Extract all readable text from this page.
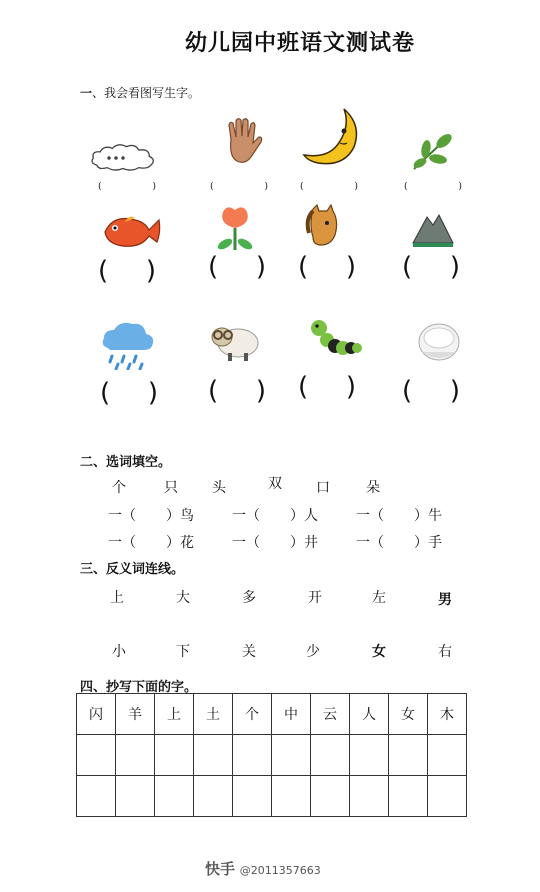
幼儿园中班语文测试卷
一、我会看图写生字。
(	)	(	)	(	)	(	)
( ) ( ) ( ) ( )
( ) ( ) ( ) ( )
二、选词填空。
个	只 头	双 口	朵
一（ ）鸟	一（ ）人	一（ ）牛
一（ ）花	一（ ）井	一（ ）手
三、反义词连线。
上	大	多	开	左	男
小	下	关	少	女	右
四、抄写下面的字。
闪	羊	上	土	个	中	云	人	女	木

快手 @2011357663
